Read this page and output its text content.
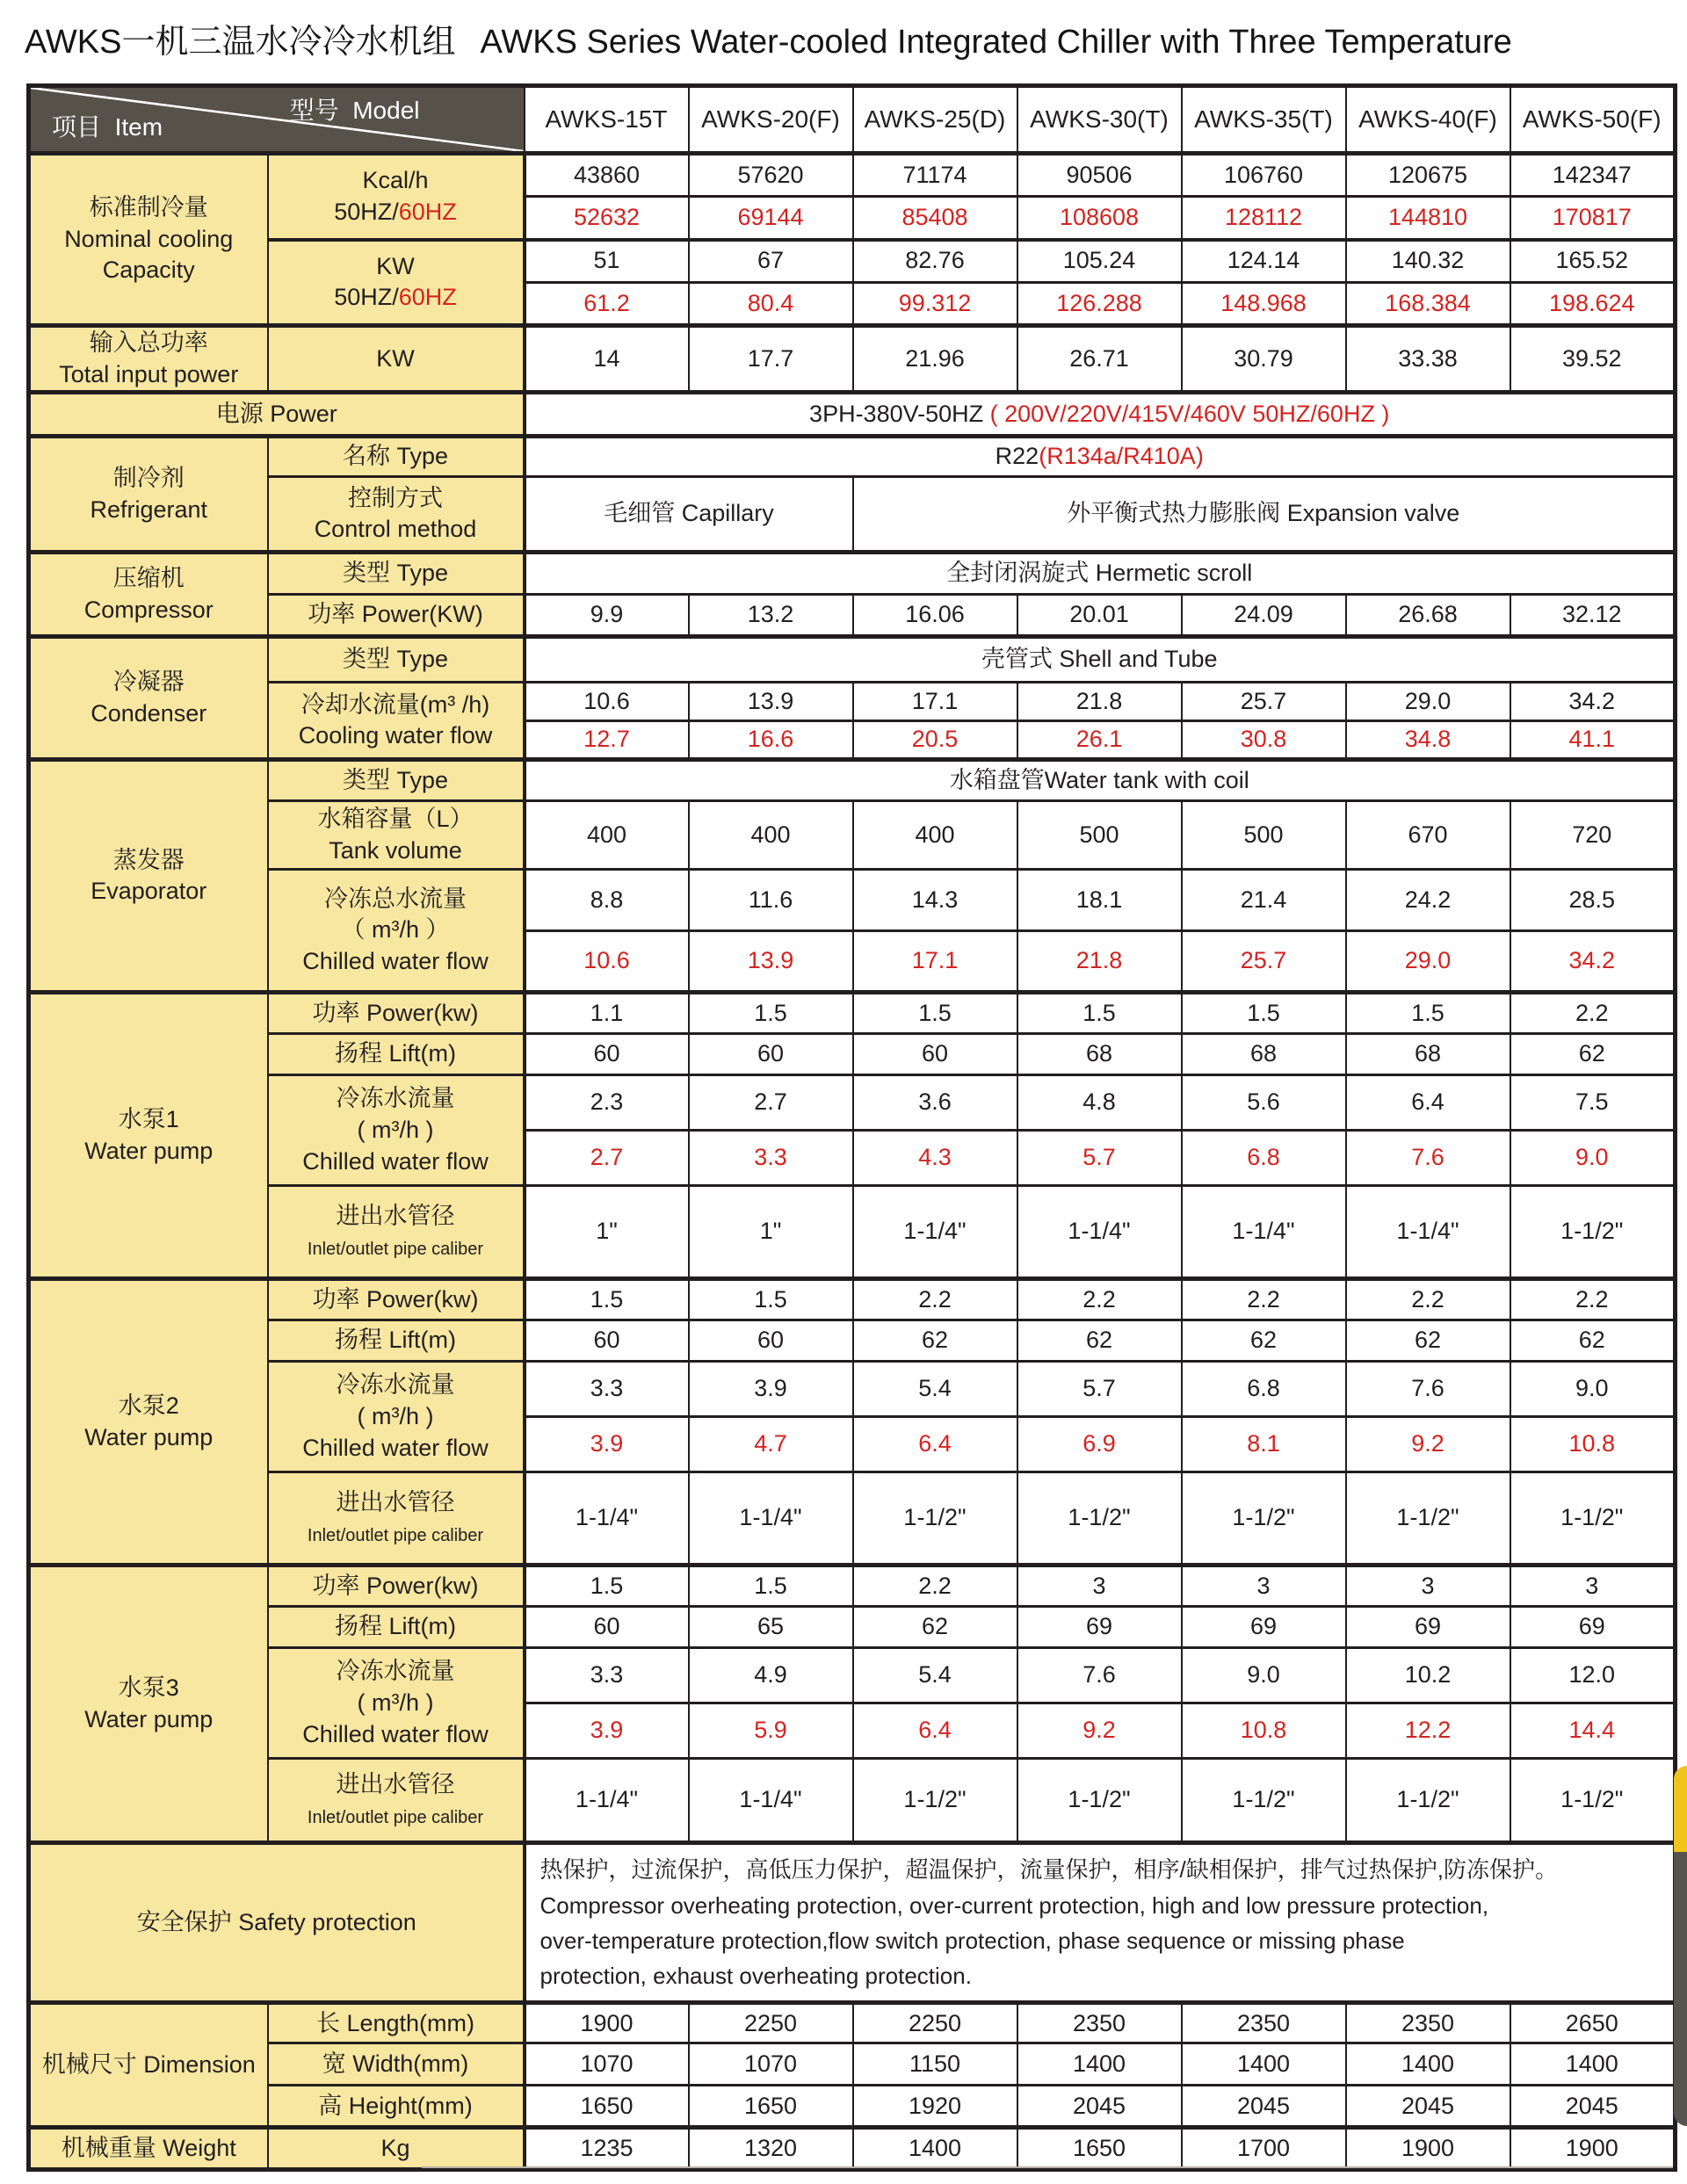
AWKS一机三温水冷冷水机组 AWKS Series Water-cooled Integrated Chiller with Three Temperature
型号 Model
项目 Item		AWKS-15T	AWKS-20(F)	AWKS-25(D)	AWKS-30(T)	AWKS-35(T)	AWKS-40(F)	AWKS-50(F)
标准制冷量
Nominal cooling
Capacity	Kcal/h
50HZ/60HZ	43860	57620	71174	90506	106760	120675	142347
		52632	69144	85408	108608	128112	144810	170817
	KW
50HZ/60HZ	51	67	82.76	105.24	124.14	140.32	165.52
		61.2	80.4	99.312	126.288	148.968	168.384	198.624
输入总功率
Total input power	KW	14	17.7	21.96	26.71	30.79	33.38	39.52
电源 Power		3PH-380V-50HZ ( 200V/220V/415V/460V 50HZ/60HZ )						
制冷剂
Refrigerant	名称 Type	R22(R134a/R410A)						
	控制方式
Control method	毛细管 Capillary		外平衡式热力膨胀阀 Expansion valve				
压缩机
Compressor	类型 Type	全封闭涡旋式 Hermetic scroll						
	功率 Power(KW)	9.9	13.2	16.06	20.01	24.09	26.68	32.12
冷凝器
Condenser	类型 Type	壳管式 Shell and Tube						
	冷却水流量(m³ /h)
Cooling water flow	10.6	13.9	17.1	21.8	25.7	29.0	34.2
		12.7	16.6	20.5	26.1	30.8	34.8	41.1
蒸发器
Evaporator	类型 Type	水箱盘管Water tank with coil						
	水箱容量（L）
Tank volume	400	400	400	500	500	670	720
	冷冻总水流量
（ m³/h ）
Chilled water flow	8.8	11.6	14.3	18.1	21.4	24.2	28.5
		10.6	13.9	17.1	21.8	25.7	29.0	34.2
水泵1
Water pump	功率 Power(kw)	1.1	1.5	1.5	1.5	1.5	1.5	2.2
	扬程 Lift(m)	60	60	60	68	68	68	62
	冷冻水流量
( m³/h )
Chilled water flow	2.3	2.7	3.6	4.8	5.6	6.4	7.5
		2.7	3.3	4.3	5.7	6.8	7.6	9.0
	进出水管径
Inlet/outlet pipe caliber	1"	1"	1-1/4"	1-1/4"	1-1/4"	1-1/4"	1-1/2"
水泵2
Water pump	功率 Power(kw)	1.5	1.5	2.2	2.2	2.2	2.2	2.2
	扬程 Lift(m)	60	60	62	62	62	62	62
	冷冻水流量
( m³/h )
Chilled water flow	3.3	3.9	5.4	5.7	6.8	7.6	9.0
		3.9	4.7	6.4	6.9	8.1	9.2	10.8
	进出水管径
Inlet/outlet pipe caliber	1-1/4"	1-1/4"	1-1/2"	1-1/2"	1-1/2"	1-1/2"	1-1/2"
水泵3
Water pump	功率 Power(kw)	1.5	1.5	2.2	3	3	3	3
	扬程 Lift(m)	60	65	62	69	69	69	69
	冷冻水流量
( m³/h )
Chilled water flow	3.3	4.9	5.4	7.6	9.0	10.2	12.0
		3.9	5.9	6.4	9.2	10.8	12.2	14.4
	进出水管径
Inlet/outlet pipe caliber	1-1/4"	1-1/4"	1-1/2"	1-1/2"	1-1/2"	1-1/2"	1-1/2"
安全保护 Safety protection		热保护，过流保护，高低压力保护，超温保护，流量保护，相序/缺相保护，排气过热保护,防冻保护。
Compressor overheating protection, over-current protection, high and low pressure protection,
over-temperature protection,flow switch protection, phase sequence or missing phase
protection, exhaust overheating protection.						
机械尺寸 Dimension	长 Length(mm)	1900	2250	2250	2350	2350	2350	2650
	宽 Width(mm)	1070	1070	1150	1400	1400	1400	1400
	高 Height(mm)	1650	1650	1920	2045	2045	2045	2045
机械重量 Weight	Kg	1235	1320	1400	1650	1700	1900	1900
